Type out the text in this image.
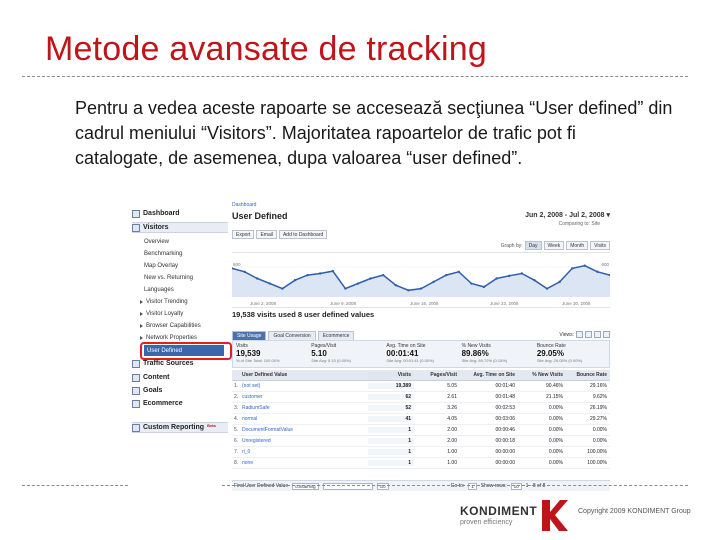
Metode avansate de tracking
Pentru a vedea aceste rapoarte se accesează secţiunea “User defined” din
cadrul meniului “Visitors”. Majoritatea rapoartelor de trafic pot fi
catalogate, de asemenea, dupa valoarea “user defined”.
Dashboard
Visitors
Overview
Benchmarking
Map Overlay
New vs. Returning
Languages
Visitor Trending
Visitor Loyalty
Browser Capabilities
Network Properties
User Defined
Traffic Sources
Content
Goals
Ecommerce
Custom Reporting Beta
Dashboard
User Defined	Jun 2, 2008 - Jul 2, 2008 ▾
Comparing to: Site
Export	Email	Add to Dashboard
Graph by:	Day	Week	Month	Visits
600	600
June 2, 2008	June 9, 2008	June 16, 2008	June 23, 2008	June 30, 2008
19,538 visits used 8 user defined values
Site Usage	Goal Conversion	Ecommerce	Views:
Visits
19,539
% of Site Total: 100.00%
Pages/Visit
5.10
Site Avg: 5.10 (0.00%)
Avg. Time on Site
00:01:41
Site Avg: 00:01:41 (0.00%)
% New Visits
89.86%
Site Avg: 89.72% (0.15%)
Bounce Rate
29.05%
Site Avg: 29.05% (0.00%)
User Defined Value	Visits	Pages/Visit	Avg. Time on Site	% New Visits	Bounce Rate
1. (not set)	19,389	5.05	00:01:40	90.46%	29.16%
2. customer	62	2.61	00:01:48	21.15%	9.62%
3. RadiumSafe	52	3.26	00:02:53	0.00%	26.19%
4. normal	41	4.05	00:03:06	0.00%	29.27%
5. DocumentFormatValue	1	2.00	00:00:46	0.00%	0.00%
6. Unregistered	1	2.00	00:00:18	0.00%	0.00%
7. ri_0	1	1.00	00:00:00	0.00%	100.00%
8. none	1	1.00	00:00:00	0.00%	100.00%
Find User Defined Value	containing	Go	Go to:	1	Show rows:	10	1 - 8 of 8
KONDIMENT
proven efficiency
Copyright 2009 KONDIMENT Group
